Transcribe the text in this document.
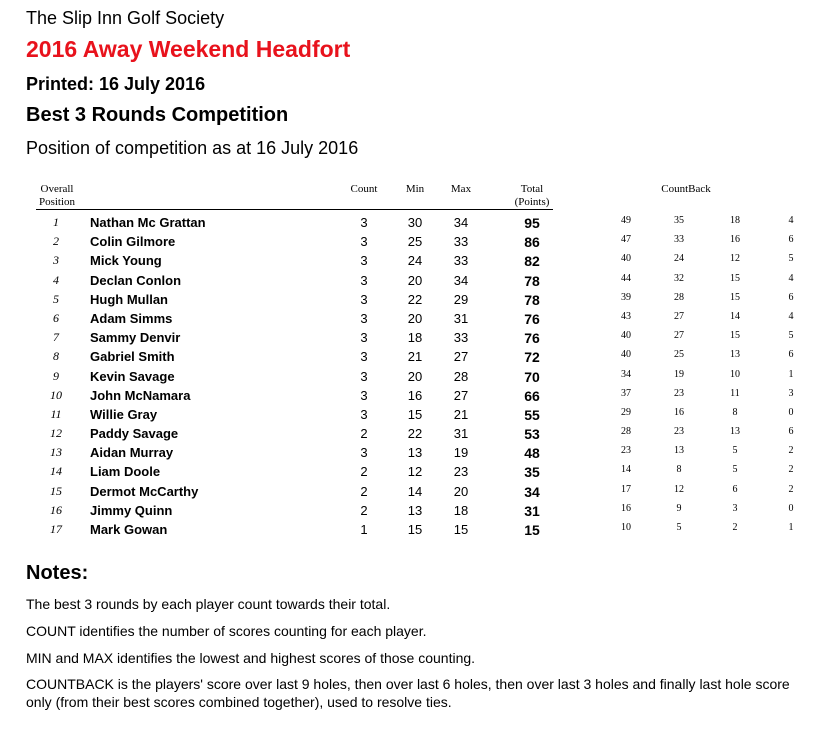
The Slip Inn Golf Society
2016 Away Weekend Headfort
Printed: 16 July 2016
Best 3 Rounds Competition
Position of competition as at 16 July 2016
Overall
Position
Count	Min	Max	Total
(Points)
CountBack
1	Nathan Mc Grattan	3	30	34	95	49	35	18	4
2	Colin Gilmore	3	25	33	86	47	33	16	6
3	Mick Young	3	24	33	82	40	24	12	5
4	Declan Conlon	3	20	34	78	44	32	15	4
5	Hugh Mullan	3	22	29	78	39	28	15	6
6	Adam Simms	3	20	31	76	43	27	14	4
7	Sammy Denvir	3	18	33	76	40	27	15	5
8	Gabriel Smith	3	21	27	72	40	25	13	6
9	Kevin Savage	3	20	28	70	34	19	10	1
10	John McNamara	3	16	27	66	37	23	11	3
11	Willie Gray	3	15	21	55	29	16	8	0
12	Paddy Savage	2	22	31	53	28	23	13	6
13	Aidan Murray	3	13	19	48	23	13	5	2
14	Liam Doole	2	12	23	35	14	8	5	2
15	Dermot McCarthy	2	14	20	34	17	12	6	2
16	Jimmy Quinn	2	13	18	31	16	9	3	0
17	Mark Gowan	1	15	15	15	10	5	2	1
Notes:
The best 3 rounds by each player count towards their total.
COUNT identifies the number of scores counting for each player.
MIN and MAX identifies the lowest and highest scores of those counting.
COUNTBACK is the players' score over last 9 holes, then over last 6 holes, then over last 3 holes and finally last hole score only (from their best scores combined together), used to resolve ties.
